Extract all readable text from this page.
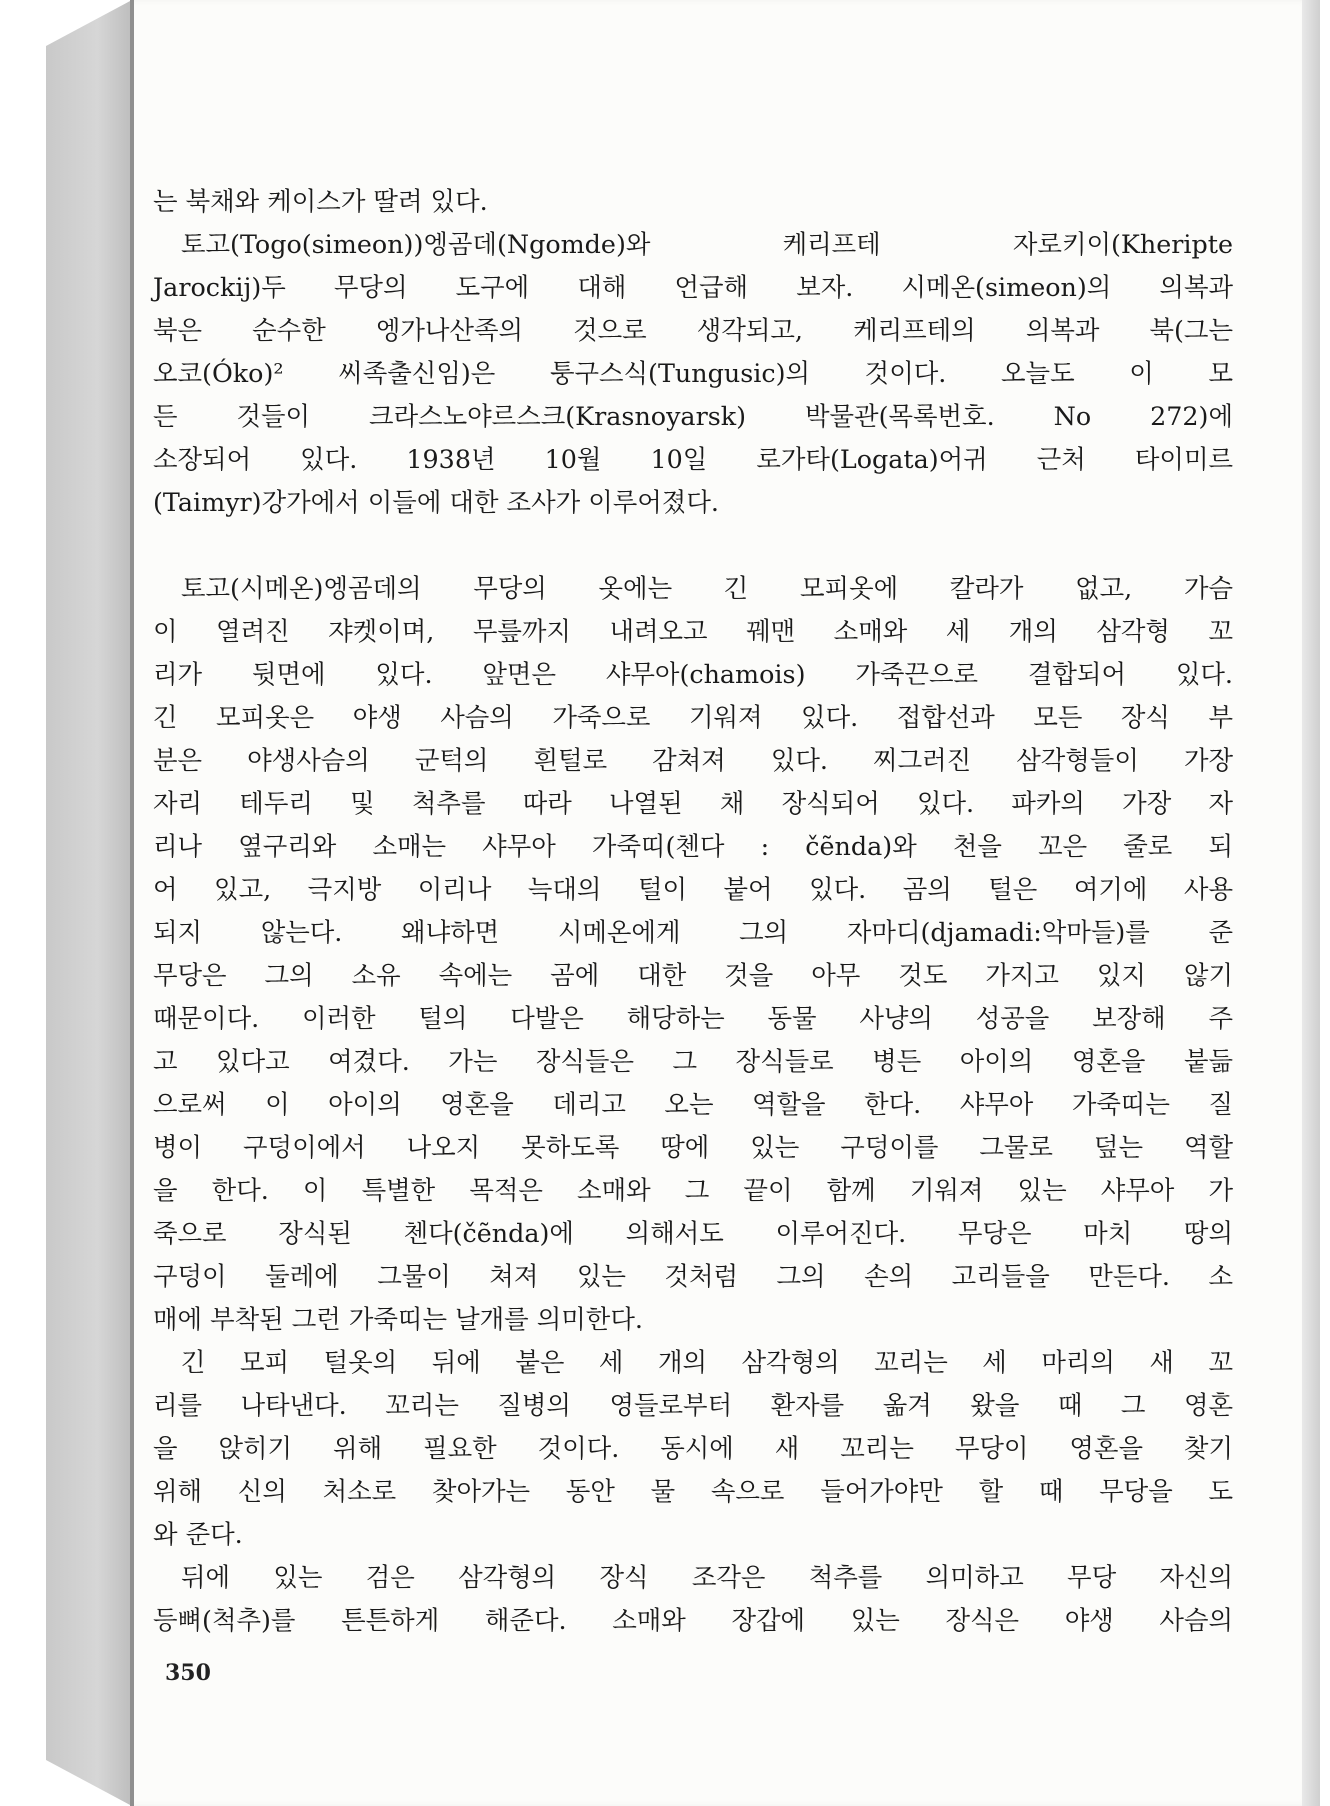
는 북채와 케이스가 딸려 있다.
토고(Togo(simeon))엥곰데(Ngomde)와 케리프테 자로키이(Kheripte
Jarockij)두 무당의 도구에 대해 언급해 보자. 시메온(simeon)의 의복과
북은 순수한 엥가나산족의 것으로 생각되고, 케리프테의 의복과 북(그는
오코(Óko)² 씨족출신임)은 퉁구스식(Tungusic)의 것이다. 오늘도 이 모
든 것들이 크라스노야르스크(Krasnoyarsk) 박물관(목록번호. No 272)에
소장되어 있다. 1938년 10월 10일 로가타(Logata)어귀 근처 타이미르
(Taimyr)강가에서 이들에 대한 조사가 이루어졌다.
토고(시메온)엥곰데의 무당의 옷에는 긴 모피옷에 칼라가 없고, 가슴
이 열려진 쟈켓이며, 무릎까지 내려오고 꿰맨 소매와 세 개의 삼각형 꼬
리가 뒷면에 있다. 앞면은 샤무아(chamois) 가죽끈으로 결합되어 있다.
긴 모피옷은 야생 사슴의 가죽으로 기워져 있다. 접합선과 모든 장식 부
분은 야생사슴의 군턱의 흰털로 감쳐져 있다. 찌그러진 삼각형들이 가장
자리 테두리 및 척추를 따라 나열된 채 장식되어 있다. 파카의 가장 자
리나 옆구리와 소매는 샤무아 가죽띠(첸다 : čẽnda)와 천을 꼬은 줄로 되
어 있고, 극지방 이리나 늑대의 털이 붙어 있다. 곰의 털은 여기에 사용
되지 않는다. 왜냐하면 시메온에게 그의 자마디(djamadi:악마들)를 준
무당은 그의 소유 속에는 곰에 대한 것을 아무 것도 가지고 있지 않기
때문이다. 이러한 털의 다발은 해당하는 동물 사냥의 성공을 보장해 주
고 있다고 여겼다. 가는 장식들은 그 장식들로 병든 아이의 영혼을 붙듦
으로써 이 아이의 영혼을 데리고 오는 역할을 한다. 샤무아 가죽띠는 질
병이 구덩이에서 나오지 못하도록 땅에 있는 구덩이를 그물로 덮는 역할
을 한다. 이 특별한 목적은 소매와 그 끝이 함께 기워져 있는 샤무아 가
죽으로 장식된 첸다(čẽnda)에 의해서도 이루어진다. 무당은 마치 땅의
구덩이 둘레에 그물이 쳐져 있는 것처럼 그의 손의 고리들을 만든다. 소
매에 부착된 그런 가죽띠는 날개를 의미한다.
긴 모피 털옷의 뒤에 붙은 세 개의 삼각형의 꼬리는 세 마리의 새 꼬
리를 나타낸다. 꼬리는 질병의 영들로부터 환자를 옮겨 왔을 때 그 영혼
을 앉히기 위해 필요한 것이다. 동시에 새 꼬리는 무당이 영혼을 찾기
위해 신의 처소로 찾아가는 동안 물 속으로 들어가야만 할 때 무당을 도
와 준다.
뒤에 있는 검은 삼각형의 장식 조각은 척추를 의미하고 무당 자신의
등뼈(척추)를 튼튼하게 해준다. 소매와 장갑에 있는 장식은 야생 사슴의
350
